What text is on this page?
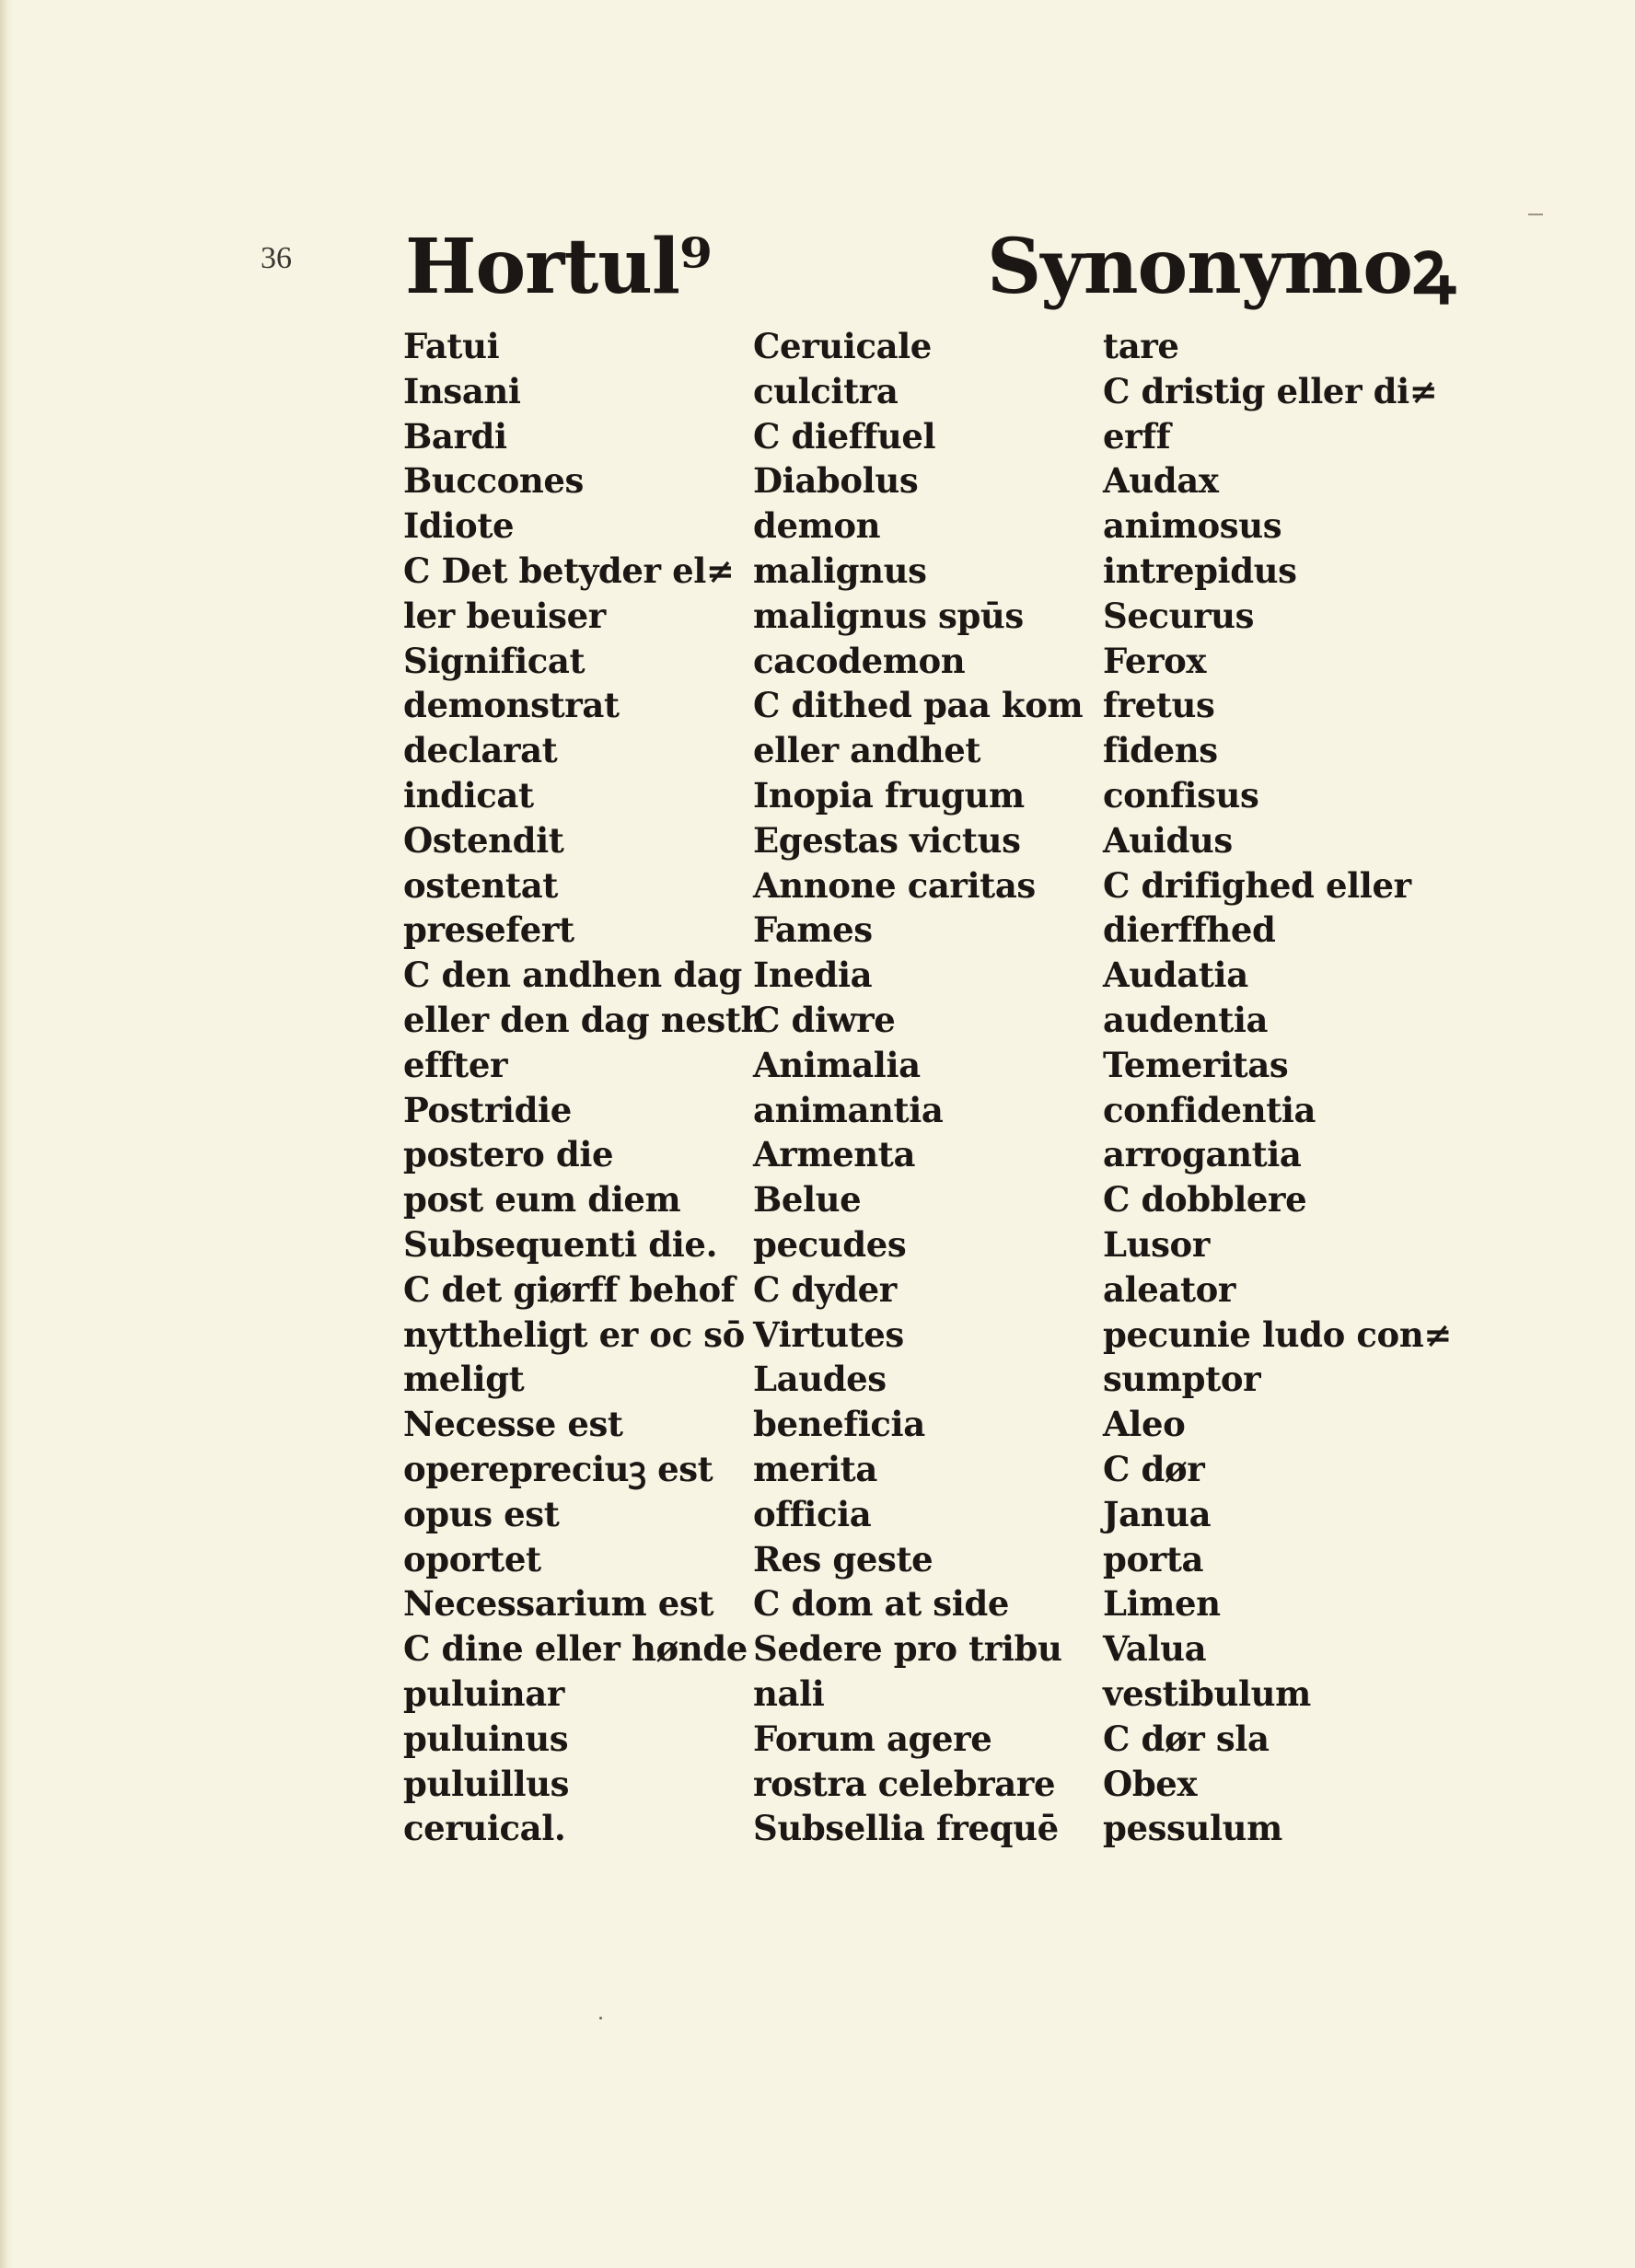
36 Hortul⁹	Synonymoꝝ
Fatui
Insani
Bardi
Buccones
Idiote
C Det betyder el≠
ler beuiser
Significat
demonstrat
declarat
indicat
Ostendit
ostentat
presefert
C den andhen dag
eller den dag nesth
effter
Postridie
postero die
post eum diem
Subsequenti die.
C det giørff behof
nyttheligt er oc sō
meligt
Necesse est
operepreciuꝫ est
opus est
oportet
Necessarium est
C dine eller hønde
puluinar
puluinus
puluillus
ceruical.
Ceruicale
culcitra
C dieffuel
Diabolus
demon
malignus
malignus spūs
cacodemon
C dithed paa kom
eller andhet
Inopia frugum
Egestas victus
Annone caritas
Fames
Inedia
C diwre
Animalia
animantia
Armenta
Belue
pecudes
C dyder
Virtutes
Laudes
beneficia
merita
officia
Res geste
C dom at side
Sedere pro tribu
nali
Forum agere
rostra celebrare
Subsellia frequē
tare
C dristig eller di≠
erff
Audax
animosus
intrepidus
Securus
Ferox
fretus
fidens
confisus
Auidus
C drifighed eller
dierffhed
Audatia
audentia
Temeritas
confidentia
arrogantia
C dobblere
Lusor
aleator
pecunie ludo con≠
sumptor
Aleo
C dør
Janua
porta
Limen
Valua
vestibulum
C dør sla
Obex
pessulum
